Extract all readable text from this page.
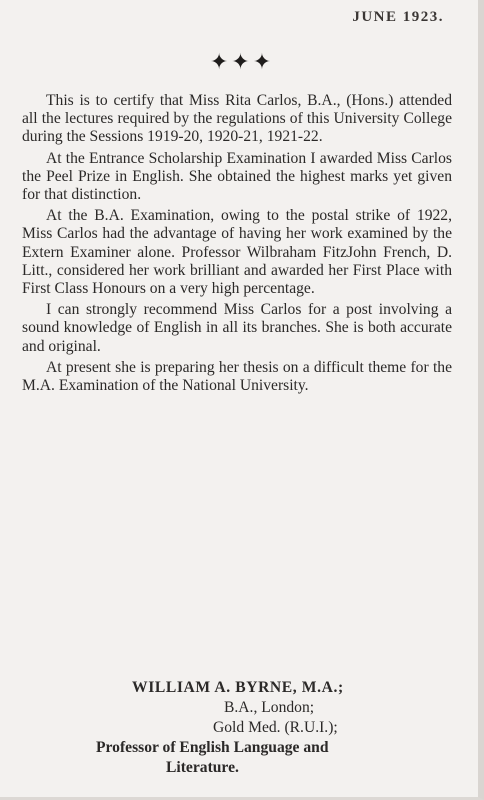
JUNE 1923.
✦✦✦

This is to certify that Miss Rita Carlos, B.A., (Hons.) attended all the lectures required by the regulations of this University College during the Sessions 1919-20, 1920-21, 1921-22.

At the Entrance Scholarship Examination I awarded Miss Carlos the Peel Prize in English. She obtained the highest marks yet given for that distinction.

At the B.A. Examination, owing to the postal strike of 1922, Miss Carlos had the advantage of having her work examined by the Extern Examiner alone. Professor Wilbraham FitzJohn French, D. Litt., considered her work brilliant and awarded her First Place with First Class Honours on a very high percentage.

I can strongly recommend Miss Carlos for a post involving a sound knowledge of English in all its branches. She is both accurate and original.

At present she is preparing her thesis on a difficult theme for the M.A. Examination of the National University.

WILLIAM A. BYRNE, M.A.;
B.A., London;
Gold Med. (R.U.I.);
Professor of English Language and
Literature.
